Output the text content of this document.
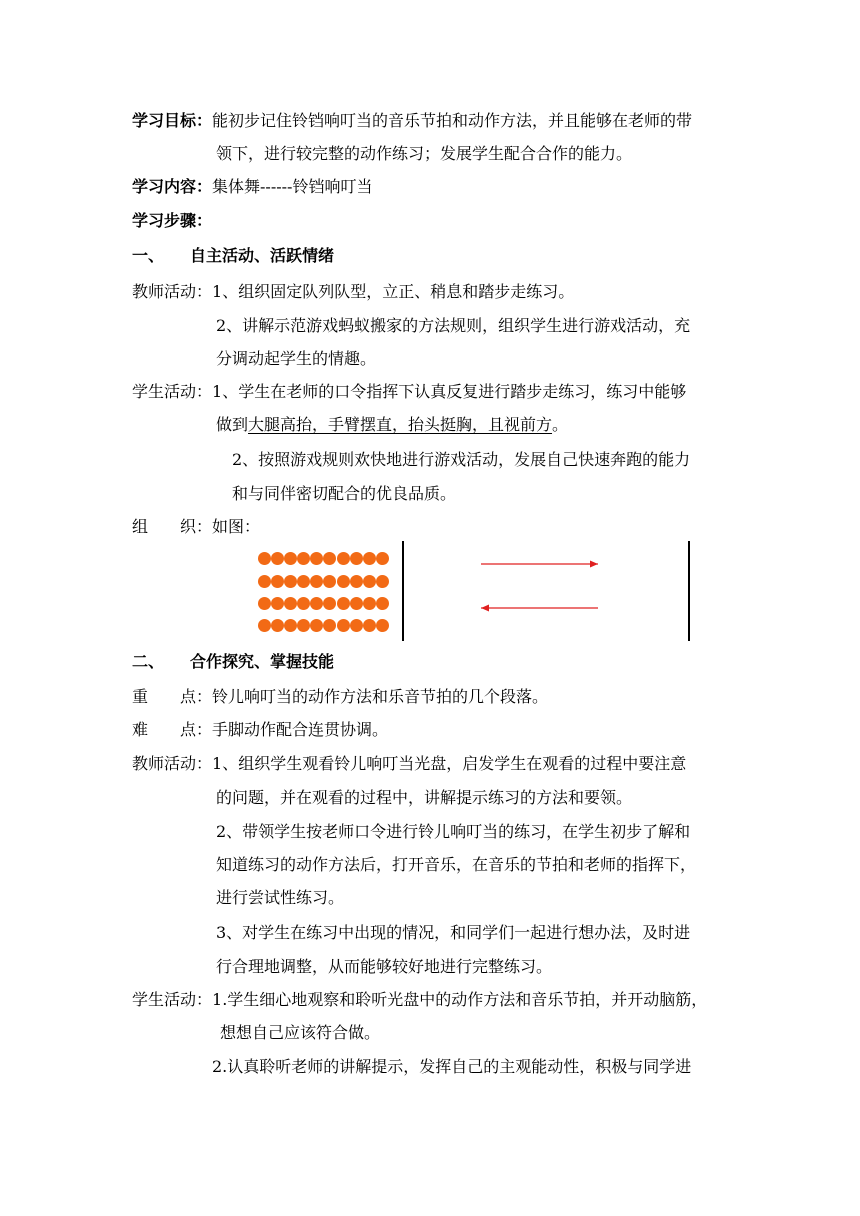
学习目标：能初步记住铃铛响叮当的音乐节拍和动作方法，并且能够在老师的带
领下，进行较完整的动作练习；发展学生配合合作的能力。
学习内容：集体舞------铃铛响叮当
学习步骤：
一、 自主活动、活跃情绪
教师活动：1、组织固定队列队型，立正、稍息和踏步走练习。
2、讲解示范游戏蚂蚁搬家的方法规则，组织学生进行游戏活动，充
分调动起学生的情趣。
学生活动：1、学生在老师的口令指挥下认真反复进行踏步走练习，练习中能够
做到大腿高抬，手臂摆直，抬头挺胸，且视前方。
2、按照游戏规则欢快地进行游戏活动，发展自己快速奔跑的能力
和与同伴密切配合的优良品质。
组　　织：如图：
二、 合作探究、掌握技能
重　　点：铃儿响叮当的动作方法和乐音节拍的几个段落。
难　　点：手脚动作配合连贯协调。
教师活动：1、组织学生观看铃儿响叮当光盘，启发学生在观看的过程中要注意
的问题，并在观看的过程中，讲解提示练习的方法和要领。
2、带领学生按老师口令进行铃儿响叮当的练习，在学生初步了解和
知道练习的动作方法后，打开音乐，在音乐的节拍和老师的指挥下，
进行尝试性练习。
3、对学生在练习中出现的情况，和同学们一起进行想办法，及时进
行合理地调整，从而能够较好地进行完整练习。
学生活动：1.学生细心地观察和聆听光盘中的动作方法和音乐节拍，并开动脑筋，
想想自己应该符合做。
2.认真聆听老师的讲解提示，发挥自己的主观能动性，积极与同学进
